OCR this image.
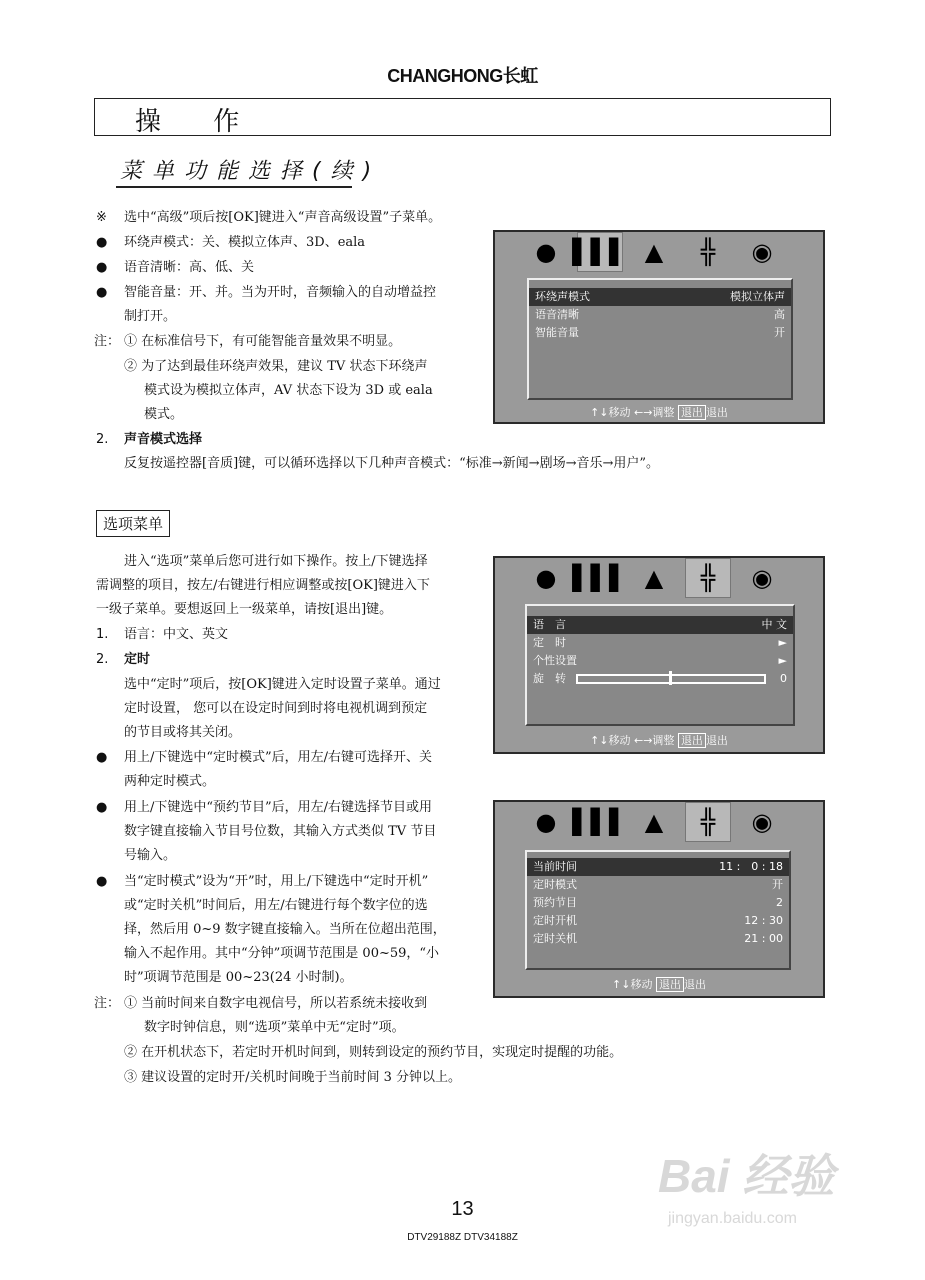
CHANGHONG长虹
操 作
菜单功能选择(续)
※ 选中“高级”项后按[OK]键进入“声音高级设置”子菜单。
● 环绕声模式：关、模拟立体声、3D、eala
● 语音清晰：高、低、关
● 智能音量：开、并。当为开时，音频输入的自动增益控
制打开。
注： ① 在标准信号下，有可能智能音量效果不明显。
② 为了达到最佳环绕声效果，建议 TV 状态下环绕声
模式设为模拟立体声，AV 状态下设为 3D 或 eala
模式。
2. 声音模式选择
反复按遥控器[音质]键，可以循环选择以下几种声音模式：“标准→新闻→剧场→音乐→用户”。
● ▌▌▌ ▲	╬	◉
环绕声模式	模拟立体声
语音清晰	高
智能音量	开
↑↓移动 ←→调整 退出 退出
选项菜单
进入“选项”菜单后您可进行如下操作。按上/下键选择
需调整的项目，按左/右键进行相应调整或按[OK]键进入下
一级子菜单。要想返回上一级菜单，请按[退出]键。
1. 语言：中文、英文
2. 定时
选中“定时”项后，按[OK]键进入定时设置子菜单。通过
定时设置， 您可以在设定时间到时将电视机调到预定
的节目或将其关闭。
● 用上/下键选中“定时模式”后，用左/右键可选择开、关
两种定时模式。
● 用上/下键选中“预约节目”后，用左/右键选择节目或用
数字键直接输入节目号位数，其输入方式类似 TV 节目
号输入。
● 当“定时模式”设为“开”时，用上/下键选中“定时开机”
或“定时关机”时间后，用左/右键进行每个数字位的选
择，然后用 0~9 数字键直接输入。当所在位超出范围，
输入不起作用。其中“分钟”项调节范围是 00~59，“小
时”项调节范围是 00~23(24 小时制)。
注： ① 当前时间来自数字电视信号，所以若系统未接收到
数字时钟信息，则“选项”菜单中无“定时”项。
② 在开机状态下，若定时开机时间到，则转到设定的预约节目，实现定时提醒的功能。
③ 建议设置的定时开/关机时间晚于当前时间 3 分钟以上。
● ▌▌▌ ▲	╬	◉
语　言	中 文
定　时	►
个性设置	►
旋　转	0
↑↓移动 ←→调整 退出 退出
● ▌▌▌ ▲	╬	◉
当前时间	11 :　0 : 18
定时模式	开
预约节目	2
定时开机	12 : 30
定时关机	21 : 00
↑↓移动 退出 退出
Bai 经验
jingyan.baidu.com
13
DTV29188Z DTV34188Z
